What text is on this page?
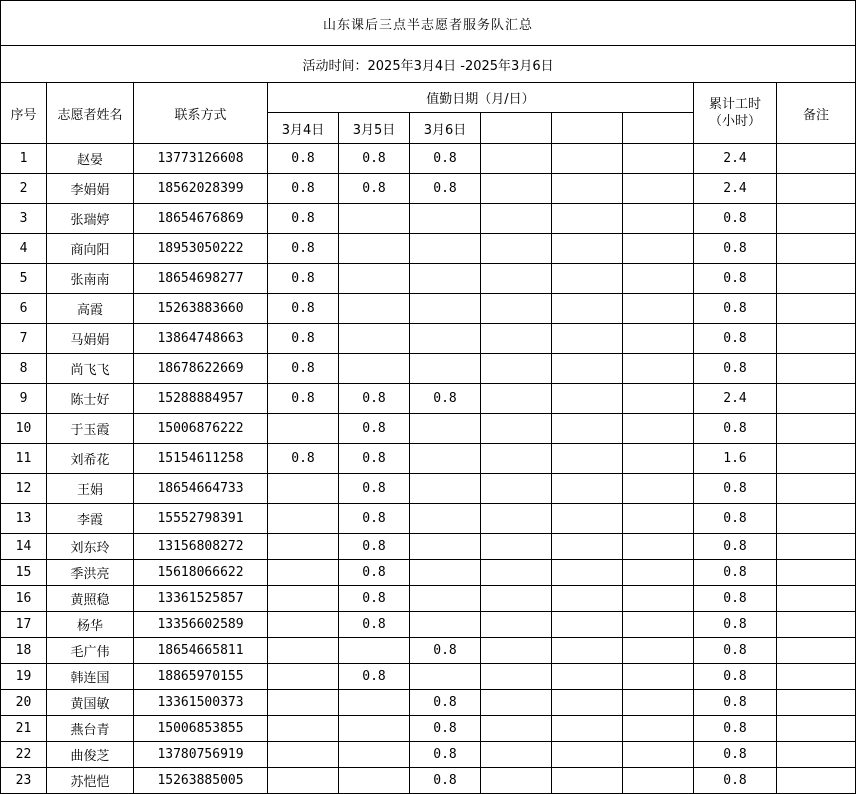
山东课后三点半志愿者服务队汇总										
活动时间：2025年3月4日 -2025年3月6日										
序号	志愿者姓名	联系方式	值勤日期（月/日）						累计工时
（小时）	备注
			3月4日	3月5日	3月6日					
1	赵晏	13773126608	0.8	0.8	0.8				2.4	
2	李娟娟	18562028399	0.8	0.8	0.8				2.4	
3	张瑞婷	18654676869	0.8						0.8	
4	商向阳	18953050222	0.8						0.8	
5	张南南	18654698277	0.8						0.8	
6	高霞	15263883660	0.8						0.8	
7	马娟娟	13864748663	0.8						0.8	
8	尚飞飞	18678622669	0.8						0.8	
9	陈士好	15288884957	0.8	0.8	0.8				2.4	
10	于玉霞	15006876222		0.8					0.8	
11	刘希花	15154611258	0.8	0.8					1.6	
12	王娟	18654664733		0.8					0.8	
13	李霞	15552798391		0.8					0.8	
14	刘东玲	13156808272		0.8					0.8	
15	季洪亮	15618066622		0.8					0.8	
16	黄照稳	13361525857		0.8					0.8	
17	杨华	13356602589		0.8					0.8	
18	毛广伟	18654665811			0.8				0.8	
19	韩连国	18865970155		0.8					0.8	
20	黄国敏	13361500373			0.8				0.8	
21	燕台青	15006853855			0.8				0.8	
22	曲俊芝	13780756919			0.8				0.8	
23	苏恺恺	15263885005			0.8				0.8	
